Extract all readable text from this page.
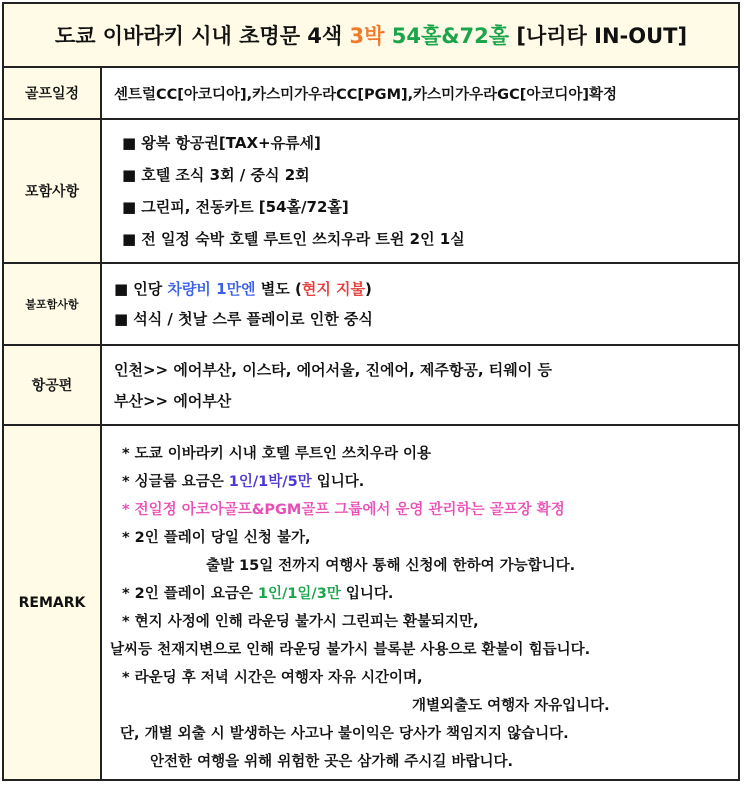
도쿄 이바라키 시내 초명문 4색 3박 54홀&72홀 [나리타 IN-OUT]
골프일정	센트럴CC[아코디아],카스미가우라CC[PGM],카스미가우라GC[아코디아]확정
포함사항
■ 왕복 항공권[TAX+유류세]
■ 호텔 조식 3회 / 중식 2회
■ 그린피, 전동카트 [54홀/72홀]
■ 전 일정 숙박 호텔 루트인 쓰치우라 트윈 2인 1실
불포함사항
■ 인당 차량비 1만엔 별도 (현지 지불)
■ 석식 / 첫날 스루 플레이로 인한 중식
항공편
인천>> 에어부산, 이스타, 에어서울, 진에어, 제주항공, 티웨이 등
부산>> 에어부산
REMARK
* 도쿄 이바라키 시내 호텔 루트인 쓰치우라 이용
* 싱글룸 요금은 1인/1박/5만 입니다.
* 전일정 아코아골프&PGM골프 그룹에서 운영 관리하는 골프장 확정
* 2인 플레이 당일 신청 불가,
출발 15일 전까지 여행사 통해 신청에 한하여 가능합니다.
* 2인 플레이 요금은 1인/1일/3만 입니다.
* 현지 사정에 인해 라운딩 불가시 그린피는 환불되지만,
날씨등 천재지변으로 인해 라운딩 불가시 블록분 사용으로 환불이 힘듭니다.
* 라운딩 후 저녁 시간은 여행자 자유 시간이며,
개별외출도 여행자 자유입니다.
단, 개별 외출 시 발생하는 사고나 불이익은 당사가 책임지지 않습니다.
안전한 여행을 위해 위험한 곳은 삼가해 주시길 바랍니다.
